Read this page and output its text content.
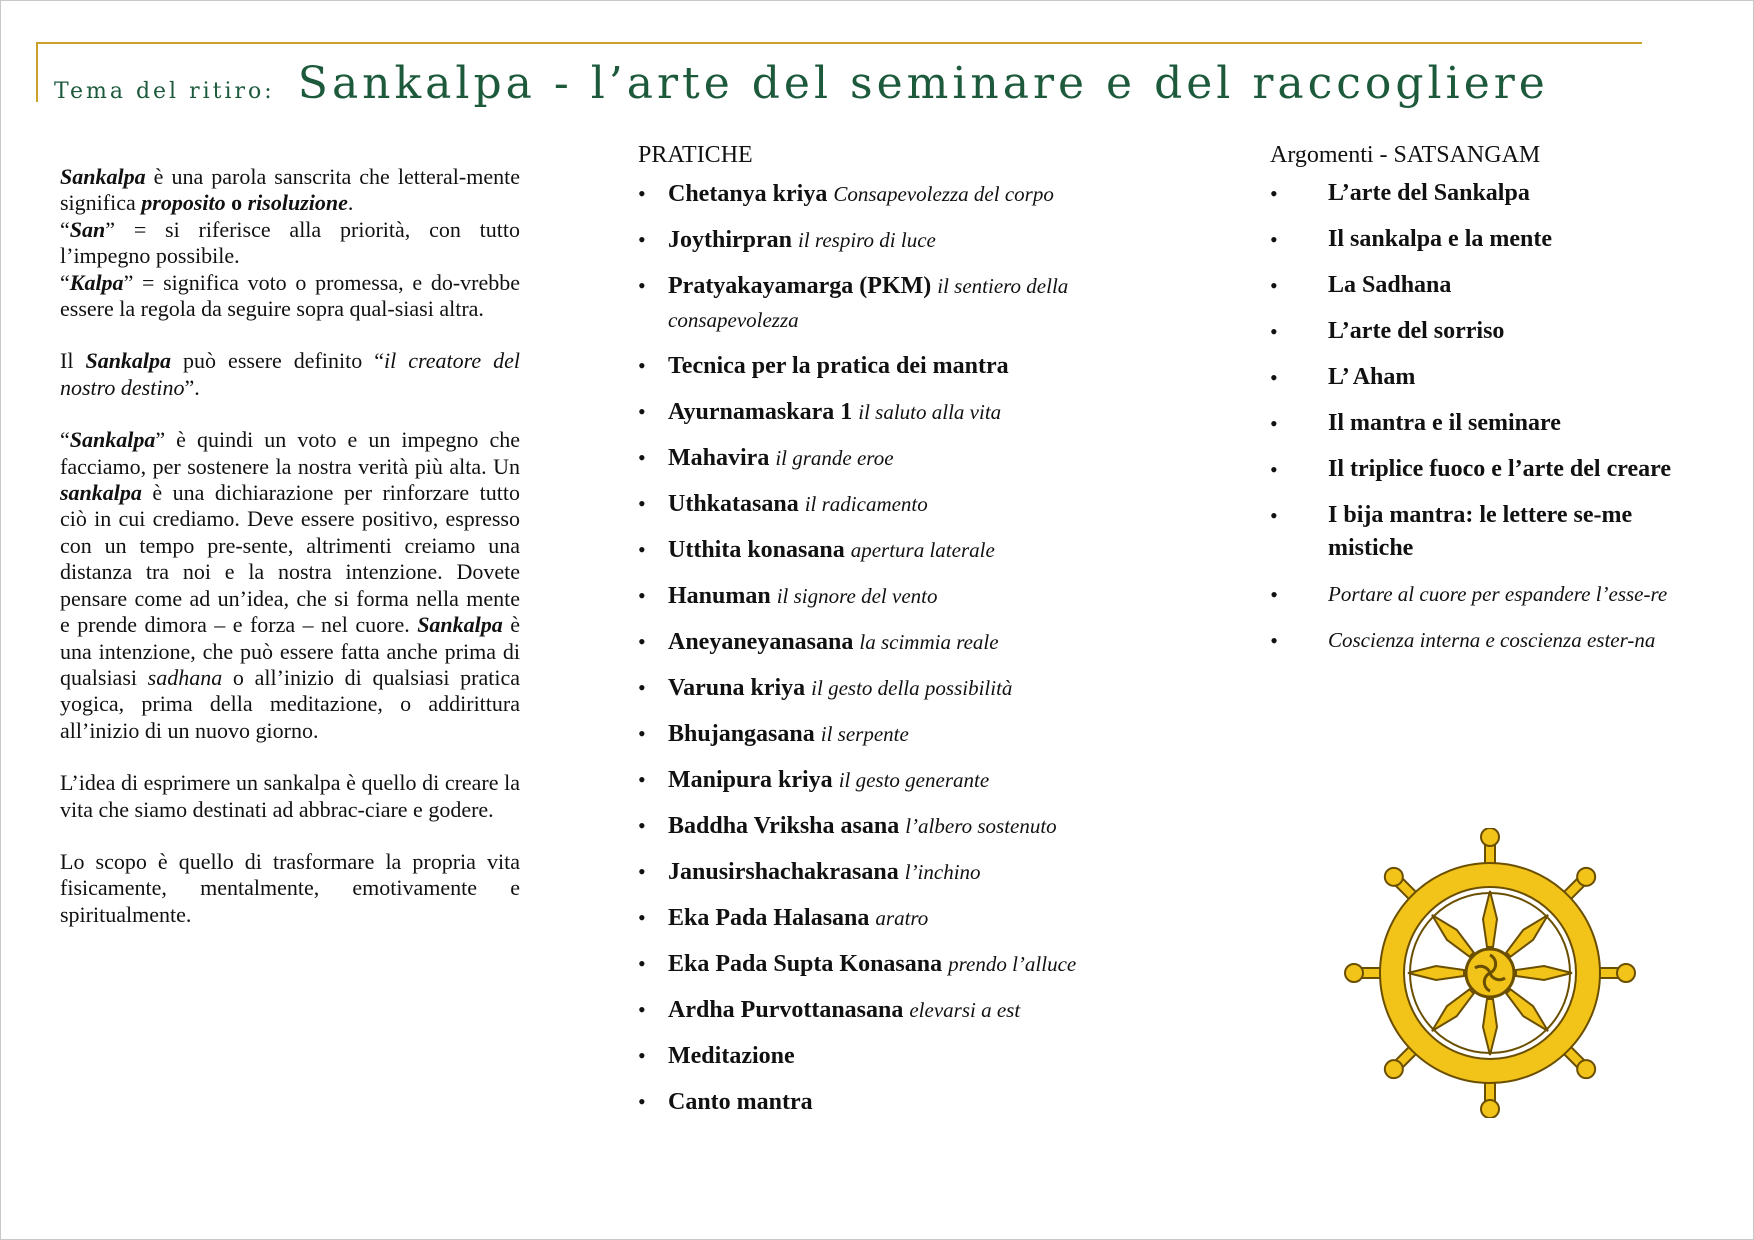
Tema del ritiro: Sankalpa - l’arte del seminare e del raccogliere

Sankalpa è una parola sanscrita che letteral-mente significa proposito o risoluzione.
“San” = si riferisce alla priorità, con tutto l’impegno possibile.
“Kalpa” = significa voto o promessa, e do-vrebbe essere la regola da seguire sopra qual-siasi altra.

Il Sankalpa può essere definito “il creatore del nostro destino”.

“Sankalpa” è quindi un voto e un impegno che facciamo, per sostenere la nostra verità più alta. Un sankalpa è una dichiarazione per rinforzare tutto ciò in cui crediamo. Deve essere positivo, espresso con un tempo pre-sente, altrimenti creiamo una distanza tra noi e la nostra intenzione. Dovete pensare come ad un’idea, che si forma nella mente e prende dimora – e forza – nel cuore. Sankalpa è una intenzione, che può essere fatta anche prima di qualsiasi sadhana o all’inizio di qualsiasi pratica yogica, prima della meditazione, o addirittura all’inizio di un nuovo giorno.

L’idea di esprimere un sankalpa è quello di creare la vita che siamo destinati ad abbrac-ciare e godere.

Lo scopo è quello di trasformare la propria vita fisicamente, mentalmente, emotivamente e spiritualmente.

PRATICHE
• Chetanya kriya Consapevolezza del corpo
• Joythirpran il respiro di luce
• Pratyakayamarga (PKM) il sentiero della consapevolezza
• Tecnica per la pratica dei mantra
• Ayurnamaskara 1 il saluto alla vita
• Mahavira il grande eroe
• Uthkatasana il radicamento
• Utthita konasana apertura laterale
• Hanuman il signore del vento
• Aneyaneyanasana la scimmia reale
• Varuna kriya il gesto della possibilità
• Bhujangasana il serpente
• Manipura kriya il gesto generante
• Baddha Vriksha asana l’albero sostenuto
• Janusirshachakrasana l’inchino
• Eka Pada Halasana aratro
• Eka Pada Supta Konasana prendo l’alluce
• Ardha Purvottanasana elevarsi a est
• Meditazione
• Canto mantra
Argomenti - SATSANGAM
• L’arte del Sankalpa
• Il sankalpa e la mente
• La Sadhana
• L’arte del sorriso
• L’ Aham
• Il mantra e il seminare
• Il triplice fuoco e l’arte del creare
• I bija mantra: le lettere se-me mistiche
• Portare al cuore per espandere l’esse-re
• Coscienza interna e coscienza ester-na
